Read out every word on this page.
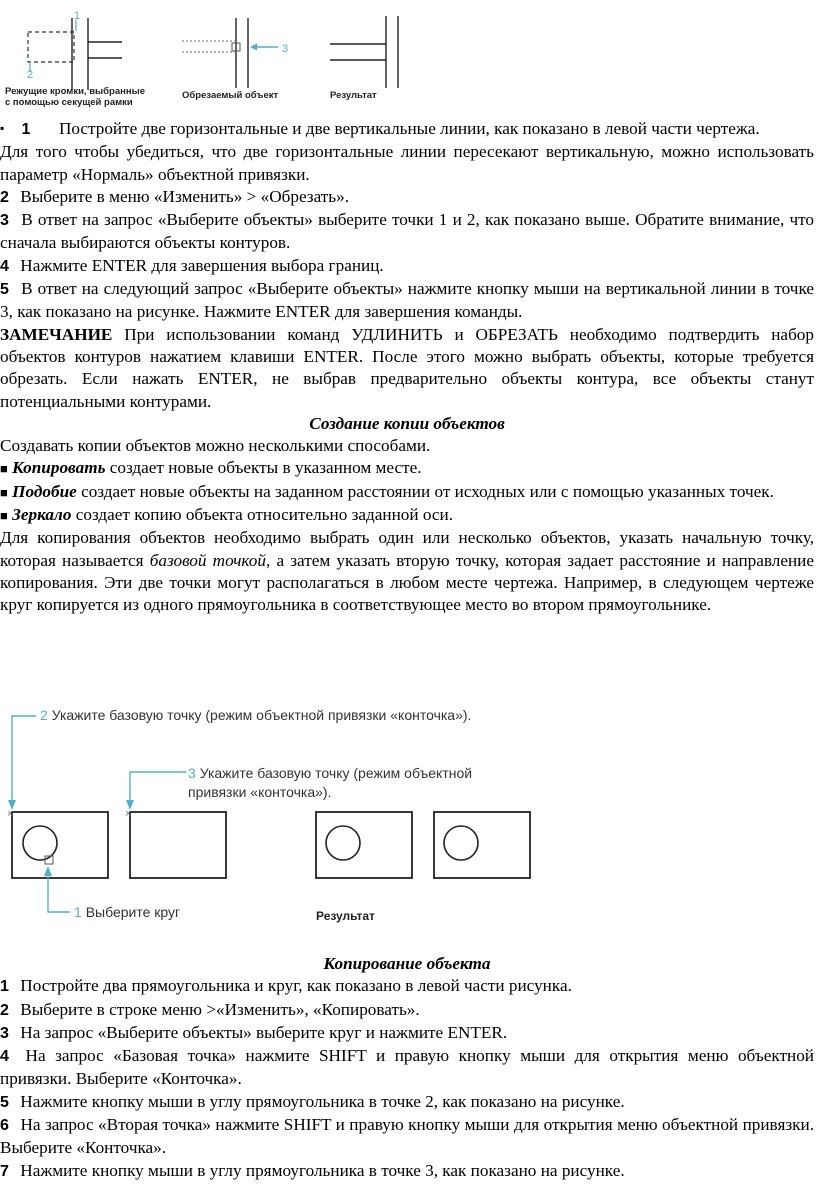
1
2
×
3
Режущие кромки, выбранные
с помощью секущей рамки
Обрезаемый объект	Результат

▪ 1 Постройте две горизонтальные и две вертикальные линии, как показано в левой части чертежа.

Для того чтобы убедиться, что две горизонтальные линии пересекают вертикальную, можно использовать параметр «Нормаль» объектной привязки.

2 Выберите в меню «Изменить» > «Обрезать».

3 В ответ на запрос «Выберите объекты» выберите точки 1 и 2, как показано выше. Обратите внимание, что сначала выбираются объекты контуров.

4 Нажмите ENTER для завершения выбора границ.

5 В ответ на следующий запрос «Выберите объекты» нажмите кнопку мыши на вертикальной линии в точке 3, как показано на рисунке. Нажмите ENTER для завершения команды.

ЗАМЕЧАНИЕ При использовании команд УДЛИНИТЬ и ОБРЕЗАТЬ необходимо подтвердить набор объектов контуров нажатием клавиши ENTER. После этого можно выбрать объекты, которые требуется обрезать. Если нажать ENTER, не выбрав предварительно объекты контура, все объекты станут потенциальными контурами.

Создание копии объектов

Создавать копии объектов можно несколькими способами.

■ Копировать создает новые объекты в указанном месте.

■ Подобие создает новые объекты на заданном расстоянии от исходных или с помощью указанных точек.

■ Зеркало создает копию объекта относительно заданной оси.

Для копирования объектов необходимо выбрать один или несколько объектов, указать начальную точку, которая называется базовой точкой, а затем указать вторую точку, которая задает расстояние и направление копирования. Эти две точки могут располагаться в любом месте чертежа. Например, в следующем чертеже круг копируется из одного прямоугольника в соответствующее место во втором прямоугольнике.

×	×
2 Укажите базовую точку (режим объектной привязки «конточка»).
3 Укажите базовую точку (режим объектной
привязки «конточка»).
1 Выберите круг	Результат

Копирование объекта

1 Постройте два прямоугольника и круг, как показано в левой части рисунка.

2 Выберите в строке меню >«Изменить», «Копировать».

3 На запрос «Выберите объекты» выберите круг и нажмите ENTER.

4 На запрос «Базовая точка» нажмите SHIFT и правую кнопку мыши для открытия меню объектной привязки. Выберите «Конточка».

5 Нажмите кнопку мыши в углу прямоугольника в точке 2, как показано на рисунке.

6 На запрос «Вторая точка» нажмите SHIFT и правую кнопку мыши для открытия меню объектной привязки. Выберите «Конточка».

7 Нажмите кнопку мыши в углу прямоугольника в точке 3, как показано на рисунке.
